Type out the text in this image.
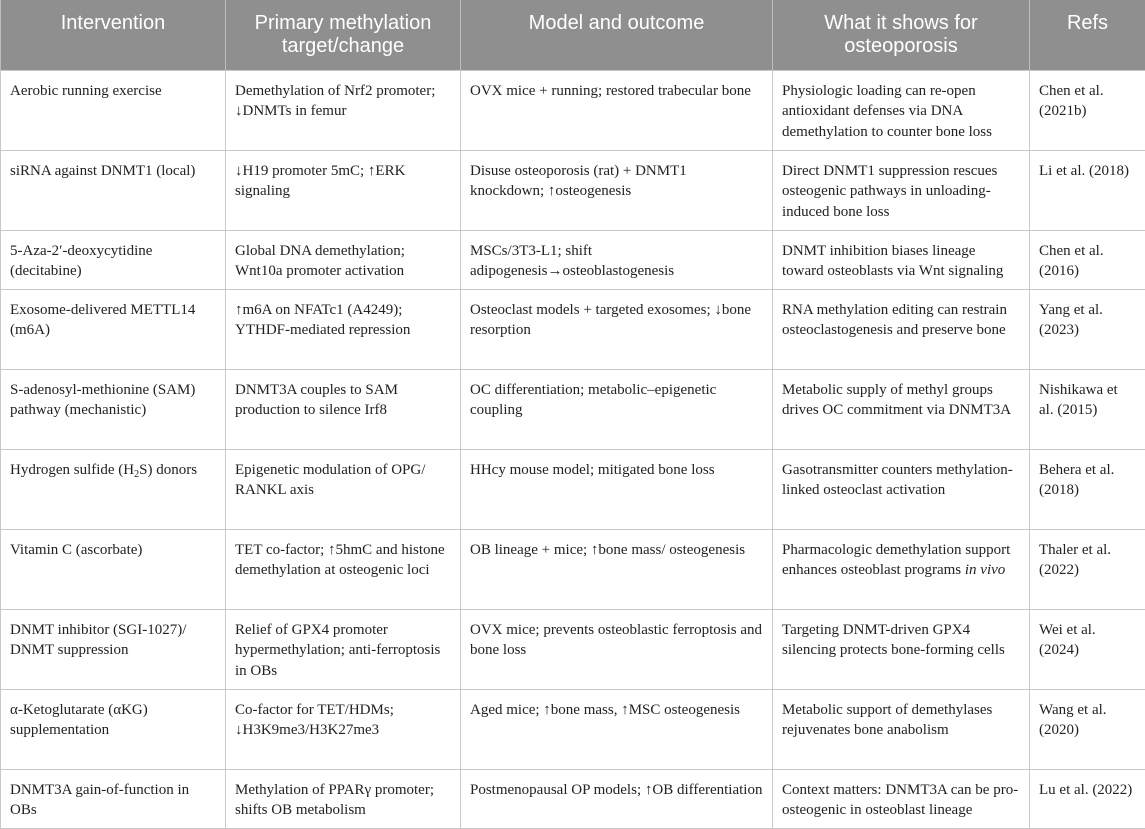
Intervention	Primary methylation target/change	Model and outcome	What it shows for osteoporosis	Refs
Aerobic running exercise	Demethylation of Nrf2 promoter; ↓DNMTs in femur	OVX mice + running; restored trabecular bone	Physiologic loading can re-open antioxidant defenses via DNA demethylation to counter bone loss	Chen et al. (2021b)
siRNA against DNMT1 (local)	↓H19 promoter 5mC; ↑ERK signaling	Disuse osteoporosis (rat) + DNMT1 knockdown; ↑osteogenesis	Direct DNMT1 suppression rescues osteogenic pathways in unloading-induced bone loss	Li et al. (2018)
5-Aza-2′-deoxycytidine (decitabine)	Global DNA demethylation; Wnt10a promoter activation	MSCs/3T3-L1; shift adipogenesis→osteoblastogenesis	DNMT inhibition biases lineage toward osteoblasts via Wnt signaling	Chen et al. (2016)
Exosome-delivered METTL14 (m6A)	↑m6A on NFATc1 (A4249); YTHDF-mediated repression	Osteoclast models + targeted exosomes; ↓bone resorption	RNA methylation editing can restrain osteoclastogenesis and preserve bone	Yang et al. (2023)
S-adenosyl-methionine (SAM) pathway (mechanistic)	DNMT3A couples to SAM production to silence Irf8	OC differentiation; metabolic–epigenetic coupling	Metabolic supply of methyl groups drives OC commitment via DNMT3A	Nishikawa et al. (2015)
Hydrogen sulfide $(H_2S)$ donors	Epigenetic modulation of OPG/ RANKL axis	HHcy mouse model; mitigated bone loss	Gasotransmitter counters methylation-linked osteoclast activation	Behera et al. (2018)
Vitamin C (ascorbate)	TET co-factor; ↑5hmC and histone demethylation at osteogenic loci	OB lineage + mice; ↑bone mass/ osteogenesis	Pharmacologic demethylation support enhances osteoblast programs in vivo	Thaler et al. (2022)
DNMT inhibitor (SGI-1027)/ DNMT suppression	Relief of GPX4 promoter hypermethylation; anti-ferroptosis in OBs	OVX mice; prevents osteoblastic ferroptosis and bone loss	Targeting DNMT-driven GPX4 silencing protects bone-forming cells	Wei et al. (2024)
α-Ketoglutarate (αKG) supplementation	Co-factor for TET/HDMs; ↓H3K9me3/H3K27me3	Aged mice; ↑bone mass, ↑MSC osteogenesis	Metabolic support of demethylases rejuvenates bone anabolism	Wang et al. (2020)
DNMT3A gain-of-function in OBs	Methylation of PPARγ promoter; shifts OB metabolism	Postmenopausal OP models; ↑OB differentiation	Context matters: DNMT3A can be pro-osteogenic in osteoblast lineage	Lu et al. (2022)
